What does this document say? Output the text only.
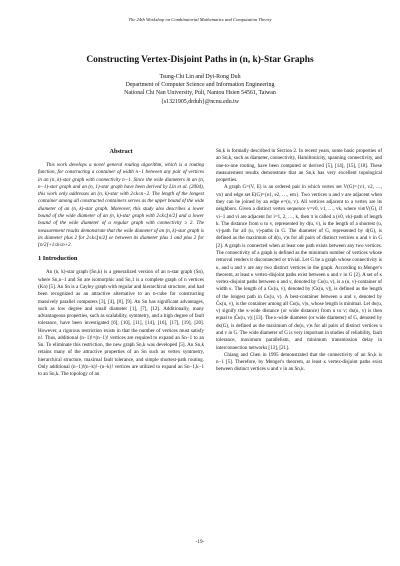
The 24th Workshop on Combinatorial Mathematics and Computation Theory
Constructing Vertex-Disjoint Paths in (n, k)-Star Graphs
Tsung-Chi Lin and Dyi-Rong Duh
Department of Computer Science and Information Engineering
National Chi Nan University, Puli, Nantou Hsien 54561, Taiwan
{s1321905,drduh}@ncnu.edu.tw
Abstract

This work develops a novel general routing algorithm, which is a routing function, for constructing a container of width n−1 between any pair of vertices in an (n, k)-star graph with connectivity n−1. Since the wide diameters in an (n, n−1)-star graph and an (n, 1)-star graph have been derived by Lin et al. (2004), this work only addresses an (n, k)-star with 2≤k≤n−2. The length of the longest container among all constructed containers serves as the upper bound of the wide diameter of an (n, k)-star graph. Moreover, this study also describes a lower bound of the wide diameter of an (n, k)-star graph with 2≤k≤⌊n/2⌋ and a lower bound of the wide diameter of a regular graph with connectivity ≥ 2. The measurement results demonstrate that the wide diameter of an (n, k)-star graph is its diameter plus 2 for 2≤k≤⌊n/2⌋ or between its diameter plus 1 and plus 2 for ⌊n/2⌋+1≤k≤n+2.

1 Introduction

An (n, k)-star graph (Sn,k) is a generalized version of an n-star graph (Sn), where Sn,n−1 and Sn are isomorphic and Sn,1 is a complete graph of n vertices (Kn) [5]. An Sn is a Cayley graph with regular and hierarchical structure, and had been recognized as an attractive alternative to an n-cube for constructing massively parallel computers [3], [4], [8], [9]. An Sn has significant advantages, such as low degree and small diameter [1], [7], [12]. Additionally, many advantageous properties, such as scalability, symmetry, and a high degree of fault tolerance, have been investigated [6], [10], [11], [14], [16], [17], [19], [20]. However, a rigorous restriction exists in that the number of vertices must satisfy n!. Thus, additional (n−1)!×(n−1)! vertices are required to expand an Sn−1 to an Sn. To eliminate this restriction, the new graph Sn,k was developed [5]. An Sn,k retains many of the attractive properties of an Sn such as vertex symmetry, hierarchical structure, maximal fault tolerance, and simple shortest-path routing. Only additional (n−1)!(n−k)!−(n−k)! vertices are utilized to expand an Sn−1,k−1 to an Sn,k. The topology of an

Sn,k is formally described in Section 2. In recent years, some basic properties of an Sn,k, such as diameter, connectivity, Hamiltonicity, spanning connectivity, and one-to-one routing, have been computed or derived [5], [14], [15], [18]. These measurement results demonstrate that an Sn,k has very excellent topological properties.

A graph G=(V, E) is an ordered pair in which vertex set V(G)={v1, v2, …, vn} and edge set E(G)={e1, e2, …, em}. Two vertices u and v are adjacent when they can be joined by an edge e=(u, v). All vertices adjacent to a vertex are its neighbors. Given a distinct vertex sequence v=v0, v1, …, vk, where vi∈V(G), if vi−1 and vi are adjacent for i=1, 2, …, k, then π is called a (v0, vk)-path of length k. The distance from u to v, represented by d(u, v), is the length of a shortest (u, v)-path for all (u, v)-paths in G. The diameter of G, represented by d(G), is defined as the maximum of d(u, v)s for all pairs of distinct vertices u and v in G [2]. A graph is connected when at least one path exists between any two vertices. The connectivity of a graph is defined as the minimum number of vertices whose removal renders it disconnected or trivial. Let G be a graph whose connectivity is κ, and u and v are any two distinct vertices in the graph. According to Menger's theorem, at least κ vertex-disjoint paths exist between u and v in G [2]. A set of κ vertex-disjoint paths between u and v, denoted by Cκ(u, v), is a (u, v)-container of width κ. The length of a Cκ(u, v), denoted by |Cκ(u, v)|, is defined as the length of the longest path in Cκ(u, v). A best-container between u and v, denoted by C̄κ(u, v), is the container among all Cκ(u, v)s, whose length is minimal. Let dκ(u, v) signify the κ-wide distance (or wide distance) from u to v; dκ(u, v) is then equal to |C̄κ(u, v)| [13]. The κ-wide diameter (or wide diameter) of G, denoted by dκ(G), is defined as the maximum of dκ(u, v)s for all pairs of distinct vertices u and v in G. The wide diameter of G is very important in studies of reliability, fault tolerance, maximum parallelism, and minimum transmission delay in interconnection networks [13], [21].

Chiang and Chen in 1995 demonstrated that the connectivity of an Sn,k is n−1 [5]. Therefore, by Menger's theorem, at least κ vertex-disjoint paths exist between distinct vertices u and v in an Sn,k.

-19-
